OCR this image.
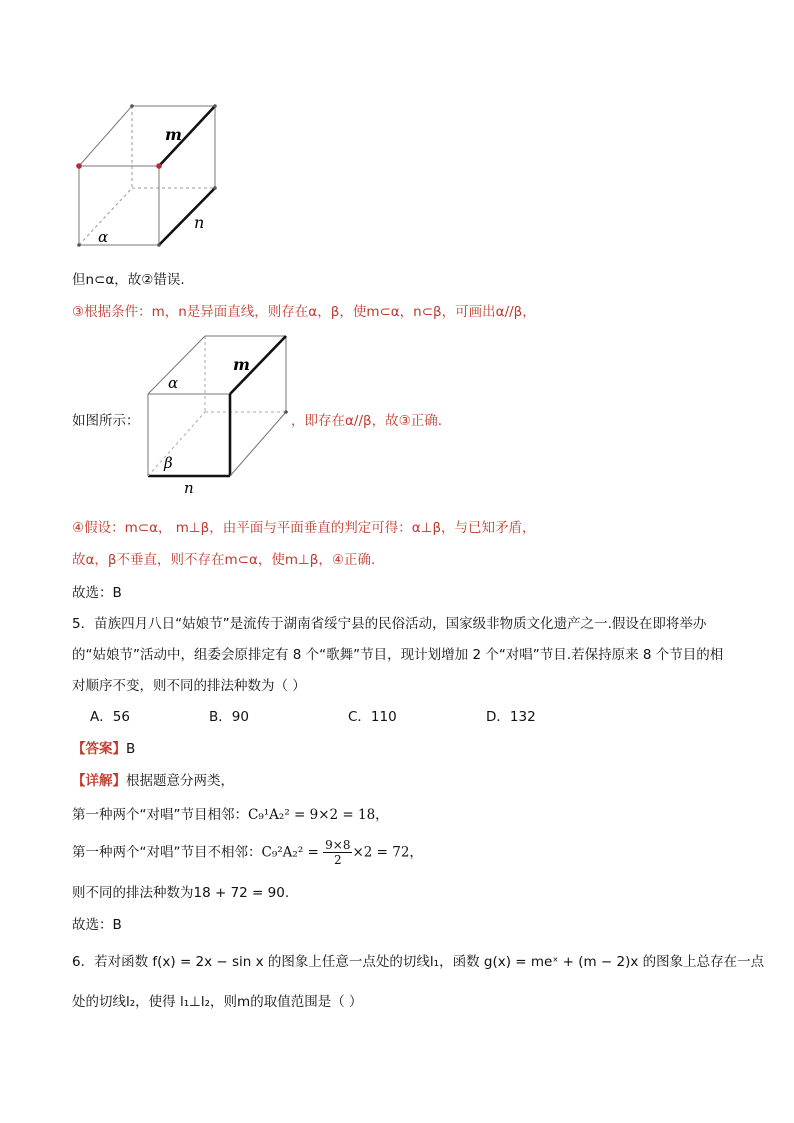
m
n
α
但n⊂α，故②错误.
③根据条件：m，n是异面直线，则存在α，β，使m⊂α，n⊂β，可画出α//β，
如图所示：
α
m
β
n
，即存在α//β，故③正确.
④假设：m⊂α， m⊥β，由平面与平面垂直的判定可得：α⊥β，与已知矛盾，
故α，β不垂直，则不存在m⊂α，使m⊥β，④正确.
故选：B
5．苗族四月八日“姑娘节”是流传于湖南省绥宁县的民俗活动，国家级非物质文化遗产之一.假设在即将举办
的“姑娘节”活动中，组委会原排定有 8 个“歌舞”节目，现计划增加 2 个“对唱”节目.若保持原来 8 个节目的相
对顺序不变，则不同的排法种数为（ ）
A．56	B．90	C．110	D．132
【答案】B
【详解】根据题意分两类，
第一种两个“对唱”节目相邻：C₉¹A₂² = 9×2 = 18，
第一种两个“对唱”节目不相邻：$C_9^2A_2^2 = \frac{9\times 8}{2} \times 2 = 72$，
则不同的排法种数为18 + 72 = 90.
故选：B
6．若对函数 f(x) = 2x − sin x 的图象上任意一点处的切线l₁，函数 g(x) = meˣ + (m − 2)x 的图象上总存在一点
处的切线l₂，使得 l₁⊥l₂，则m的取值范围是（ ）
